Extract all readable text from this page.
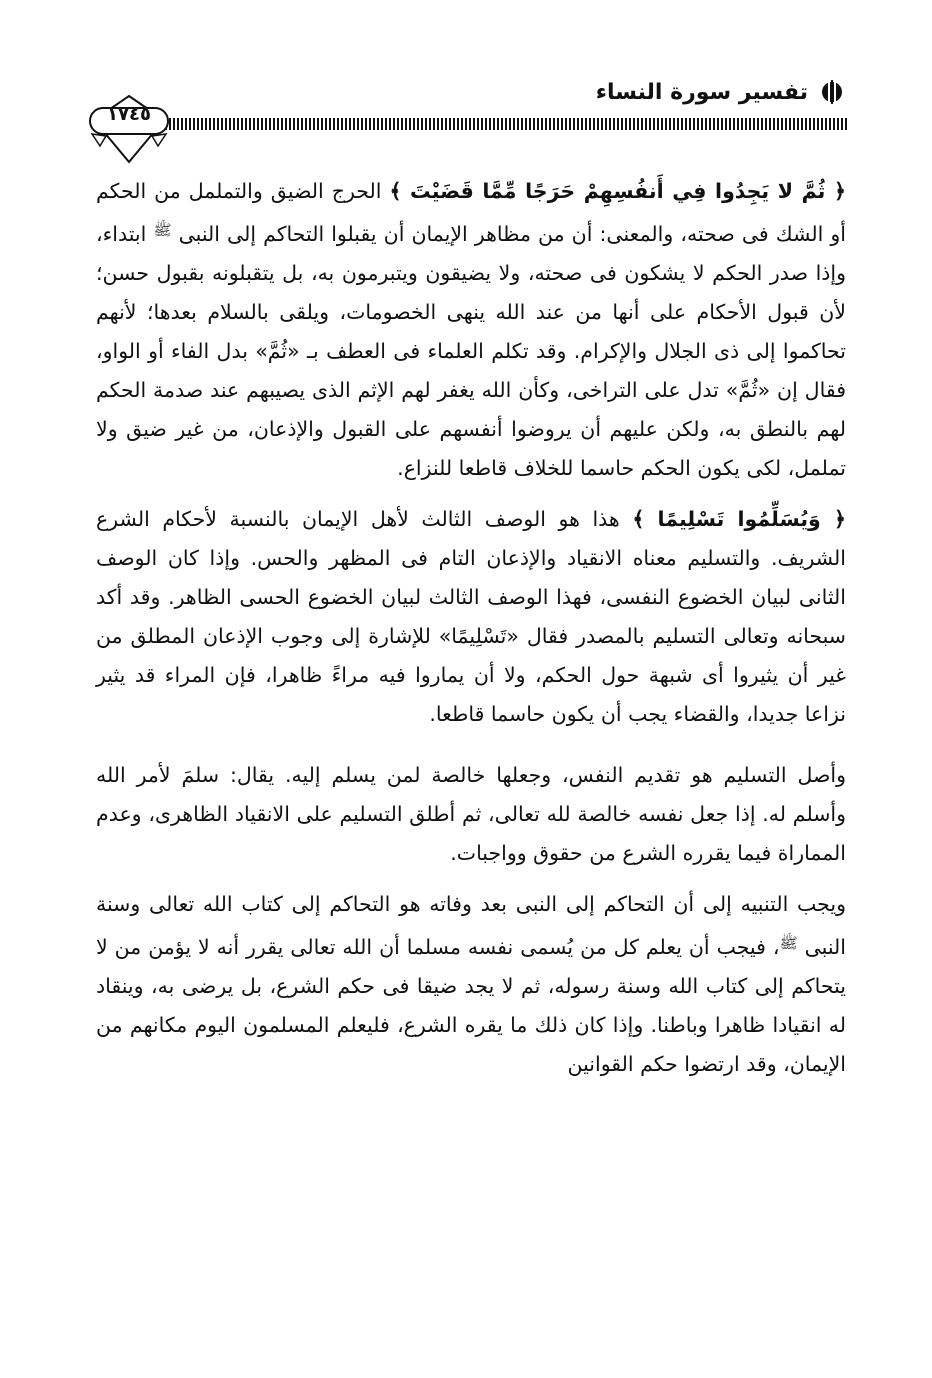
تفسير سورة النساء
١٧٤٥

﴿ ثُمَّ لا يَجِدُوا فِي أَنفُسِهِمْ حَرَجًا مِّمَّا قَضَيْتَ ﴾ الحرج الضيق والتململ من الحكم أو الشك فى صحته، والمعنى: أن من مظاهر الإيمان أن يقبلوا التحاكم إلى النبى $^ﷺ$ ابتداء، وإذا صدر الحكم لا يشكون فى صحته، ولا يضيقون ويتبرمون به، بل يتقبلونه بقبول حسن؛ لأن قبول الأحكام على أنها من عند الله ينهى الخصومات، ويلقى بالسلام بعدها؛ لأنهم تحاكموا إلى ذى الجلال والإكرام. وقد تكلم العلماء فى العطف بـ «ثُمَّ» بدل الفاء أو الواو، فقال إن «ثُمَّ» تدل على التراخى، وكأن الله يغفر لهم الإثم الذى يصيبهم عند صدمة الحكم لهم بالنطق به، ولكن عليهم أن يروضوا أنفسهم على القبول والإذعان، من غير ضيق ولا تململ، لكى يكون الحكم حاسما للخلاف قاطعا للنزاع.

﴿ وَيُسَلِّمُوا تَسْلِيمًا ﴾ هذا هو الوصف الثالث لأهل الإيمان بالنسبة لأحكام الشرع الشريف. والتسليم معناه الانقياد والإذعان التام فى المظهر والحس. وإذا كان الوصف الثانى لبيان الخضوع النفسى، فهذا الوصف الثالث لبيان الخضوع الحسى الظاهر. وقد أكد سبحانه وتعالى التسليم بالمصدر فقال «تَسْلِيمًا» للإشارة إلى وجوب الإذعان المطلق من غير أن يثيروا أى شبهة حول الحكم، ولا أن يماروا فيه مراءً ظاهرا، فإن المراء قد يثير نزاعا جديدا، والقضاء يجب أن يكون حاسما قاطعا.

وأصل التسليم هو تقديم النفس، وجعلها خالصة لمن يسلم إليه. يقال: سلمَ لأمر الله وأسلم له. إذا جعل نفسه خالصة لله تعالى، ثم أطلق التسليم على الانقياد الظاهرى، وعدم المماراة فيما يقرره الشرع من حقوق وواجبات.

ويجب التنبيه إلى أن التحاكم إلى النبى بعد وفاته هو التحاكم إلى كتاب الله تعالى وسنة النبى $^ﷺ$، فيجب أن يعلم كل من يُسمى نفسه مسلما أن الله تعالى يقرر أنه لا يؤمن من لا يتحاكم إلى كتاب الله وسنة رسوله، ثم لا يجد ضيقا فى حكم الشرع، بل يرضى به، وينقاد له انقيادا ظاهرا وباطنا. وإذا كان ذلك ما يقره الشرع، فليعلم المسلمون اليوم مكانهم من الإيمان، وقد ارتضوا حكم القوانين
